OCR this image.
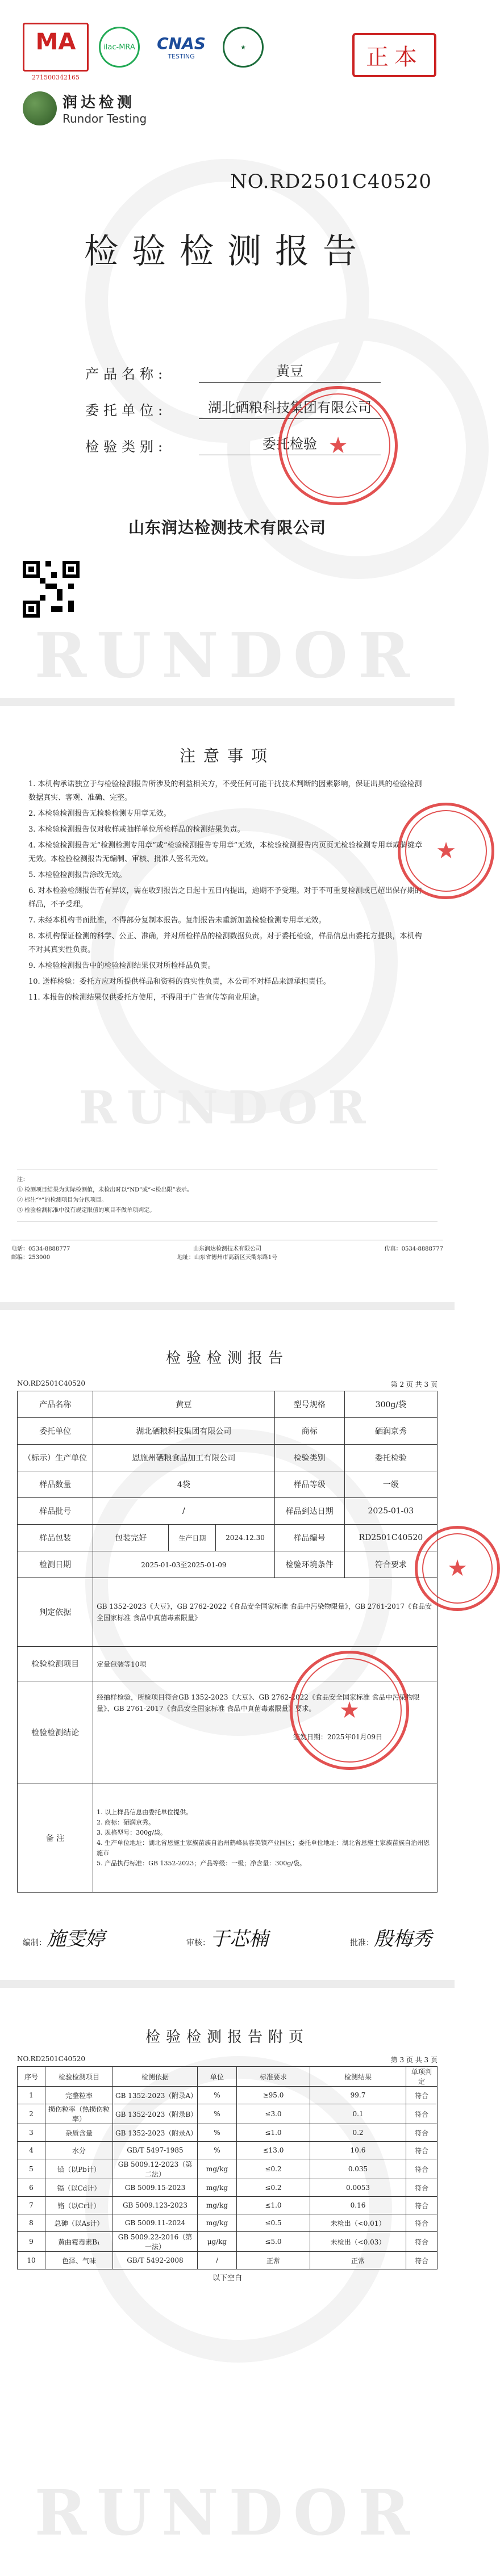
MA
271500342165
ilac-MRA CNAS
TESTING
★	正本
润达检测
Rundor Testing
NO.RD2501C40520
检验检测报告
产品名称:	黄豆
委托单位:	湖北硒粮科技集团有限公司
检验类别:	委托检验 ★
山东润达检测技术有限公司
RUNDOR
注意事项

1. 本机构承诺独立于与检验检测报告所涉及的利益相关方，不受任何可能干扰技术判断的因素影响，保证出具的检验检测数据真实、客观、准确、完整。

2. 本检验检测报告无检验检测专用章无效。

3. 本检验检测报告仅对收样或抽样单位所检样品的检测结果负责。

4. 本检验检测报告无“检测检测专用章”或“检验检测报告专用章”无效，本检验检测报告内页页无检验检测专用章或骑缝章无效。本检验检测报告无编制、审核、批准人签名无效。

5. 本检验检测报告涂改无效。

6. 对本检验检测报告若有异议，需在收到报告之日起十五日内提出，逾期不予受理。对于不可重复检测或已超出保存期的样品，不予受理。

7. 未经本机构书面批准，不得部分复制本报告。复制报告未重新加盖检验检测专用章无效。

8. 本机构保证检测的科学、公正、准确，并对所检样品的检测数据负责。对于委托检验，样品信息由委托方提供，本机构不对其真实性负责。

9. 本检验检测报告中的检验检测结果仅对所检样品负责。

10. 送样检验：委托方应对所提供样品和资料的真实性负责，本公司不对样品来源承担责任。

11. 本报告的检测结果仅供委托方使用，不得用于广告宣传等商业用途。

★
RUNDOR
注：
① 检测项目结果为实际检测值，未检出时以“ND”或“<检出限”表示。
② 标注“*”的检测项目为分包项目。
③ 检验检测标准中没有规定限值的项目不做单项判定。
电话：0534-8888777
邮编：253000
山东润达检测技术有限公司
地址：山东省德州市高新区天衢东路1号
传真：0534-8888777
检验检测报告
NO.RD2501C40520	第 2 页 共 3 页
产品名称	黄豆			型号规格	300g/袋
委托单位	湖北硒粮科技集团有限公司			商标	硒润京秀
（标示）生产单位	恩施州硒粮食品加工有限公司			检验类别	委托检验
样品数量	4袋			样品等级	一级
样品批号	/			样品到达日期	2025-01-03
样品包装	包装完好	生产日期	2024.12.30	样品编号	RD2501C40520
检测日期	2025-01-03至2025-01-09			检验环境条件	符合要求
判定依据	GB 1352-2023《大豆》，GB 2762-2022《食品安全国家标准 食品中污染物限量》，GB 2761-2017《食品安全国家标准 食品中真菌毒素限量》				
检验检测项目	定量包装等10项				
检验检测结论	经抽样检验，所检项目符合GB 1352-2023《大豆》、GB 2762-2022《食品安全国家标准 食品中污染物限量》、GB 2761-2017《食品安全国家标准 食品中真菌毒素限量》要求。
签发日期：2025年01月09日				

备 注	1. 以上样品信息由委托单位提供。
2. 商标：硒润京秀。
3. 规格型号：300g/袋。
4. 生产单位地址：湖北省恩施土家族苗族自治州鹤峰县容美镇产业园区；委托单位地址：湖北省恩施土家族苗族自治州恩施市
5. 产品执行标准：GB 1352-2023；产品等级：一级；净含量：300g/袋。				
★
★
编制：施雯婷	审核：于芯楠	批准：殷梅秀
检验检测报告附页
NO.RD2501C40520	第 3 页 共 3 页
序号	检验检测项目	检测依据	单位	标准要求	检测结果	单项判定
1	完整粒率	GB 1352-2023（附录A）	%	≥95.0	99.7	符合
2	损伤粒率（热损伤粒率）	GB 1352-2023（附录B）	%	≤3.0	0.1	符合
3	杂质含量	GB 1352-2023（附录A）	%	≤1.0	0.2	符合
4	水分	GB/T 5497-1985	%	≤13.0	10.6	符合
5	铅（以Pb计）	GB 5009.12-2023（第二法）	mg/kg	≤0.2	0.035	符合
6	镉（以Cd计）	GB 5009.15-2023	mg/kg	≤0.2	0.0053	符合
7	铬（以Cr计）	GB 5009.123-2023	mg/kg	≤1.0	0.16	符合
8	总砷（以As计）	GB 5009.11-2024	mg/kg	≤0.5	未检出（<0.01）	符合
9	黄曲霉毒素B₁	GB 5009.22-2016（第一法）	μg/kg	≤5.0	未检出（<0.03）	符合
10	色泽、气味	GB/T 5492-2008	/	正常	正常	符合
以下空白
RUNDOR
